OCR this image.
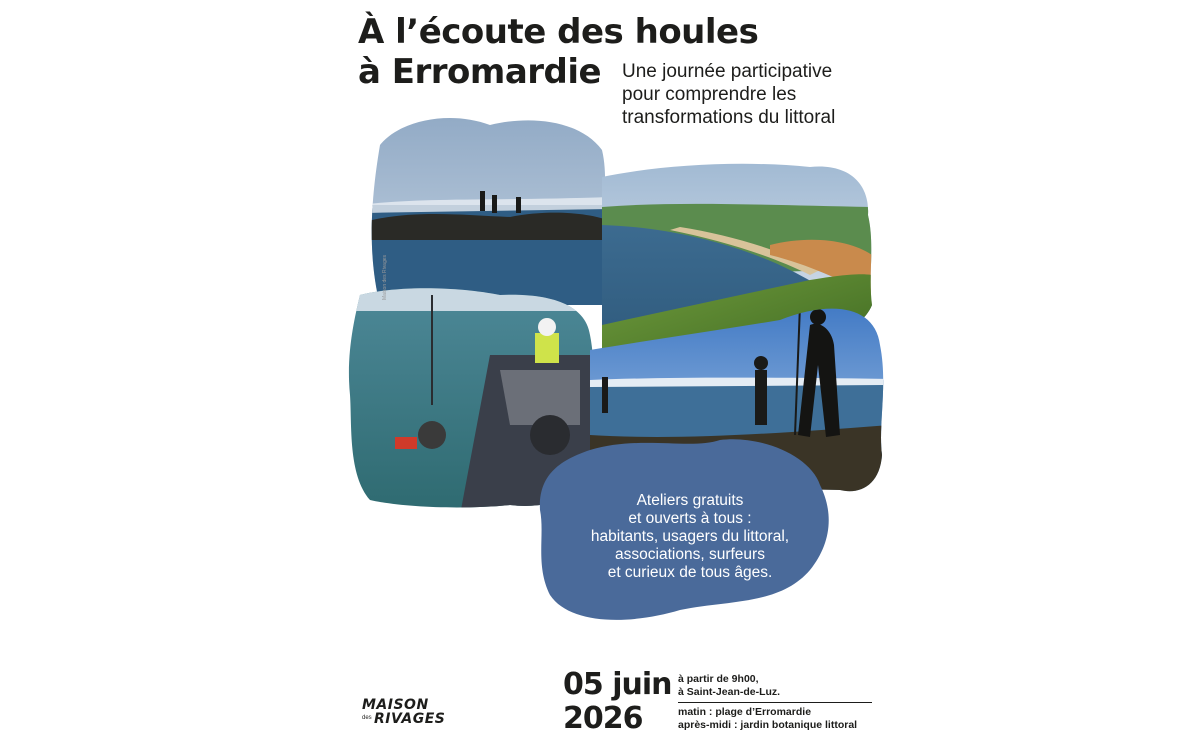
À l’écoute des houles
à Erromardie	Une journée participative
pour comprendre les
transformations du littoral

Maison des Rivages
Ateliers gratuits
et ouverts à tous :
habitants, usagers du littoral,
associations, surfeurs
et curieux de tous âges.
MAISON
des RIVAGES
05 juin
2026
à partir de 9h00,
à Saint-Jean-de-Luz.
matin : plage d’Erromardie
après-midi : jardin botanique littoral
